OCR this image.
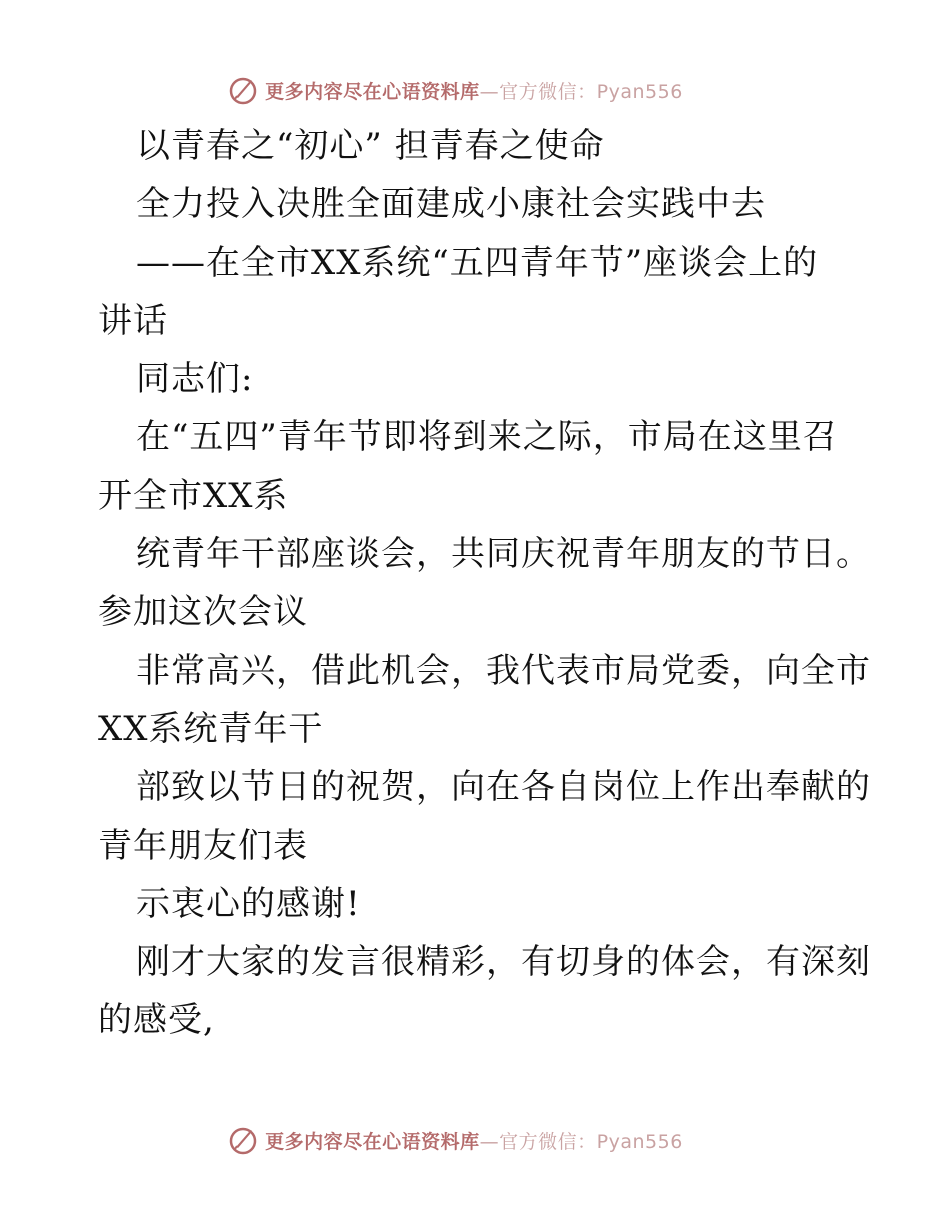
更多内容尽在心语资料库—官方微信：Pyan556
以青春之“初心” 担青春之使命
全力投入决胜全面建成小康社会实践中去
——在全市XX系统“五四青年节”座谈会上的
讲话
同志们:
在“五四”青年节即将到来之际，市局在这里召
开全市XX系
统青年干部座谈会，共同庆祝青年朋友的节日。
参加这次会议
非常高兴，借此机会，我代表市局党委，向全市
XX系统青年干
部致以节日的祝贺，向在各自岗位上作出奉献的
青年朋友们表
示衷心的感谢!
刚才大家的发言很精彩，有切身的体会，有深刻
的感受,
更多内容尽在心语资料库—官方微信：Pyan556
